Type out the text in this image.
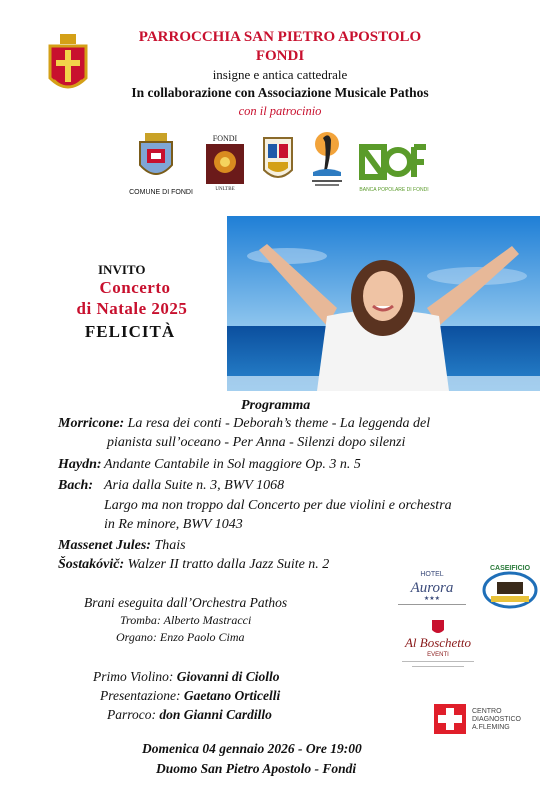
PARROCCHIA SAN PIETRO APOSTOLO
FONDI
insigne e antica cattedrale
In collaborazione con Associazione Musicale Pathos
con il patrocinio
COMUNE DI FONDI
FONDI
UNLTBE	BANCA POPOLARE DI FONDI
INVITO
Concerto
di Natale 2025
FELICITÀ
Programma
Morricone: La resa dei conti - Deborah’s theme - La leggenda del
pianista sull’oceano - Per Anna - Silenzi dopo silenzi
Haydn: Andante Cantabile in Sol maggiore Op. 3 n. 5
Bach: Aria dalla Suite n. 3, BWV 1068
Largo ma non troppo dal Concerto per due violini e orchestra
in Re minore, BWV 1043
Massenet Jules: Thais
Šostakóvič: Walzer II tratto dalla Jazz Suite n. 2
Brani eseguita dall’Orchestra Pathos
Tromba: Alberto Mastracci
Organo: Enzo Paolo Cima
Primo Violino: Giovanni di Ciollo
Presentazione: Gaetano Orticelli
Parroco: don Gianni Cardillo
Domenica 04 gennaio 2026 - Ore 19:00
Duomo San Pietro Apostolo - Fondi
HOTEL
Aurora
★★★
CASEIFICIO
Al Boschetto
EVENTI
CENTRO
DIAGNOSTICO
A.FLEMING
